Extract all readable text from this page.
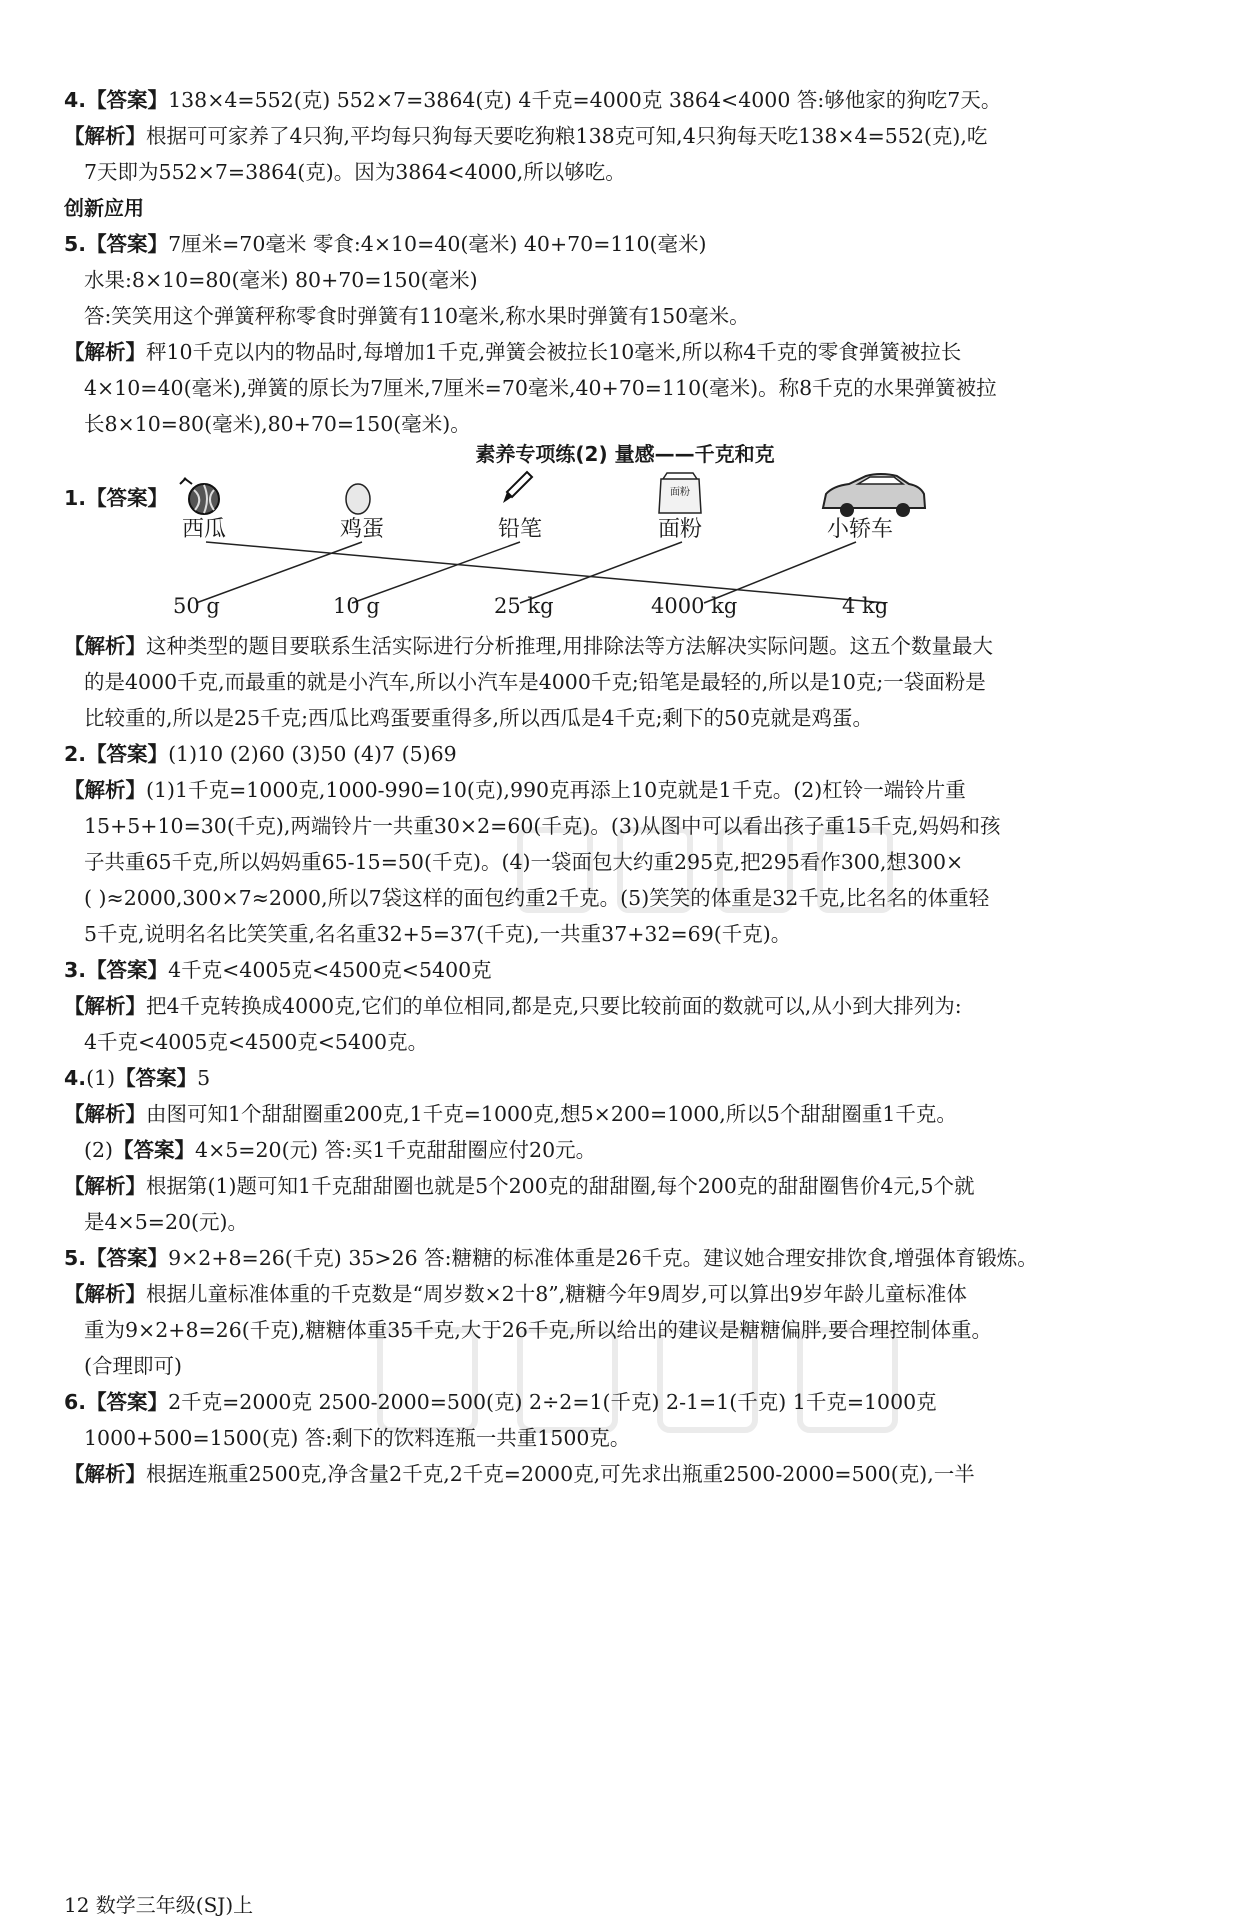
4.【答案】138×4=552(克) 552×7=3864(克) 4千克=4000克 3864<4000 答:够他家的狗吃7天。
【解析】根据可可家养了4只狗,平均每只狗每天要吃狗粮138克可知,4只狗每天吃138×4=552(克),吃
7天即为552×7=3864(克)。因为3864<4000,所以够吃。
创新应用
5.【答案】7厘米=70毫米 零食:4×10=40(毫米) 40+70=110(毫米)
水果:8×10=80(毫米) 80+70=150(毫米)
答:笑笑用这个弹簧秤称零食时弹簧有110毫米,称水果时弹簧有150毫米。
【解析】秤10千克以内的物品时,每增加1千克,弹簧会被拉长10毫米,所以称4千克的零食弹簧被拉长
4×10=40(毫米),弹簧的原长为7厘米,7厘米=70毫米,40+70=110(毫米)。称8千克的水果弹簧被拉
长8×10=80(毫米),80+70=150(毫米)。
素养专项练(2) 量感——千克和克
1.【答案】	面粉
西瓜	鸡蛋	铅笔	面粉	小轿车
50 g	10 g	25 kg	4000 kg	4 kg
【解析】这种类型的题目要联系生活实际进行分析推理,用排除法等方法解决实际问题。这五个数量最大
的是4000千克,而最重的就是小汽车,所以小汽车是4000千克;铅笔是最轻的,所以是10克;一袋面粉是
比较重的,所以是25千克;西瓜比鸡蛋要重得多,所以西瓜是4千克;剩下的50克就是鸡蛋。
2.【答案】(1)10 (2)60 (3)50 (4)7 (5)69
【解析】(1)1千克=1000克,1000-990=10(克),990克再添上10克就是1千克。(2)杠铃一端铃片重
15+5+10=30(千克),两端铃片一共重30×2=60(千克)。(3)从图中可以看出孩子重15千克,妈妈和孩
子共重65千克,所以妈妈重65-15=50(千克)。(4)一袋面包大约重295克,把295看作300,想300×
( )≈2000,300×7≈2000,所以7袋这样的面包约重2千克。(5)笑笑的体重是32千克,比名名的体重轻
5千克,说明名名比笑笑重,名名重32+5=37(千克),一共重37+32=69(千克)。
3.【答案】4千克<4005克<4500克<5400克
【解析】把4千克转换成4000克,它们的单位相同,都是克,只要比较前面的数就可以,从小到大排列为:
4千克<4005克<4500克<5400克。
4.(1)【答案】5
【解析】由图可知1个甜甜圈重200克,1千克=1000克,想5×200=1000,所以5个甜甜圈重1千克。
(2)【答案】4×5=20(元) 答:买1千克甜甜圈应付20元。
【解析】根据第(1)题可知1千克甜甜圈也就是5个200克的甜甜圈,每个200克的甜甜圈售价4元,5个就
是4×5=20(元)。
5.【答案】9×2+8=26(千克) 35>26 答:糖糖的标准体重是26千克。建议她合理安排饮食,增强体育锻炼。
【解析】根据儿童标准体重的千克数是“周岁数×2十8”,糖糖今年9周岁,可以算出9岁年龄儿童标准体
重为9×2+8=26(千克),糖糖体重35千克,大于26千克,所以给出的建议是糖糖偏胖,要合理控制体重。
(合理即可)
6.【答案】2千克=2000克 2500-2000=500(克) 2÷2=1(千克) 2-1=1(千克) 1千克=1000克
1000+500=1500(克) 答:剩下的饮料连瓶一共重1500克。
【解析】根据连瓶重2500克,净含量2千克,2千克=2000克,可先求出瓶重2500-2000=500(克),一半
12 数学三年级(SJ)上
